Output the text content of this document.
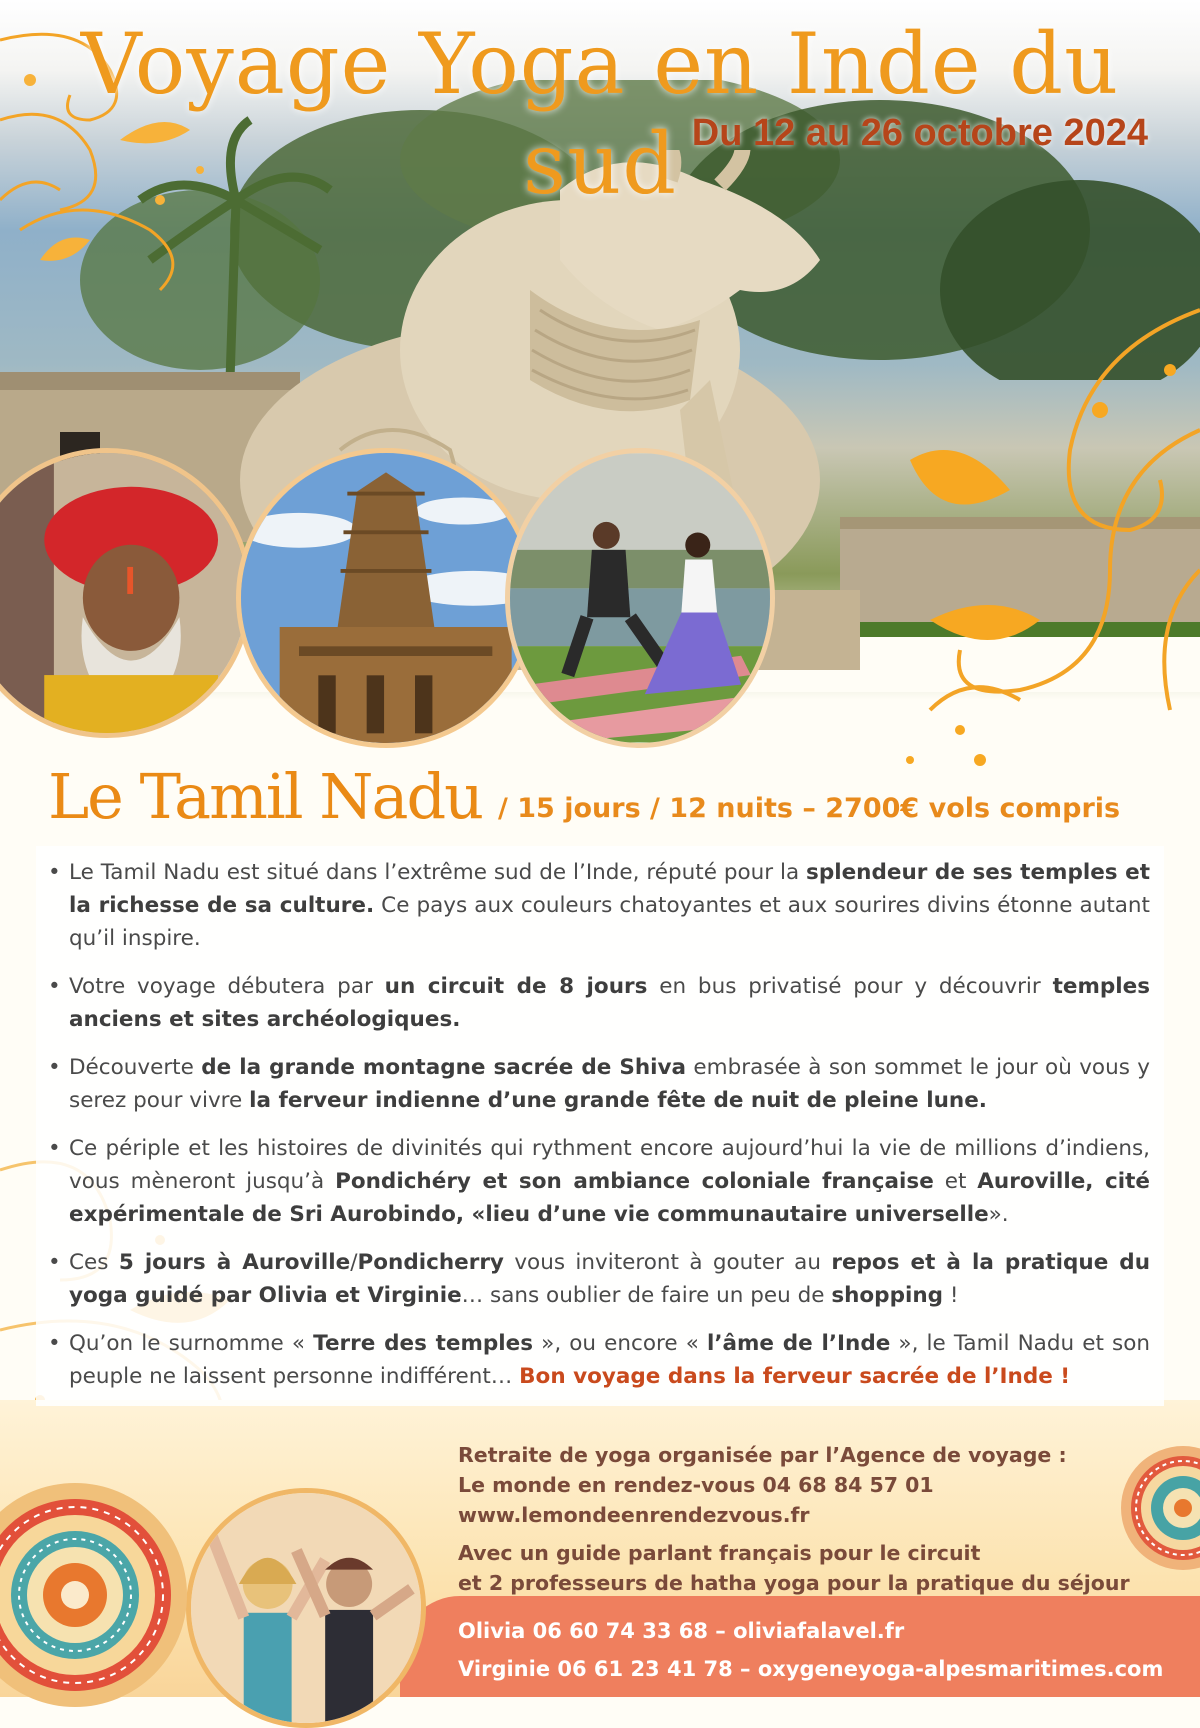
Voyage Yoga en Inde du sud Du 12 au 26 octobre 2024
Le Tamil Nadu / 15 jours / 12 nuits – 2700€ vols compris
• Le Tamil Nadu est situé dans l’extrême sud de l’Inde, réputé pour la splendeur de ses temples et la richesse de sa culture. Ce pays aux couleurs chatoyantes et aux sourires divins étonne autant qu’il inspire.
• Votre voyage débutera par un circuit de 8 jours en bus privatisé pour y découvrir temples anciens et sites archéologiques.
• Découverte de la grande montagne sacrée de Shiva embrasée à son sommet le jour où vous y serez pour vivre la ferveur indienne d’une grande fête de nuit de pleine lune.
• Ce périple et les histoires de divinités qui rythment encore aujourd’hui la vie de millions d’indiens, vous mèneront jusqu’à Pondichéry et son ambiance coloniale française et Auroville, cité expérimentale de Sri Aurobindo, «lieu d’une vie communautaire universelle».
• Ces 5 jours à Auroville/Pondicherry vous inviteront à gouter au repos et à la pratique du yoga guidé par Olivia et Virginie… sans oublier de faire un peu de shopping !
• Qu’on le surnomme « Terre des temples », ou encore « l’âme de l’Inde », le Tamil Nadu et son peuple ne laissent personne indifférent… Bon voyage dans la ferveur sacrée de l’Inde !

Retraite de yoga organisée par l’Agence de voyage :

Le monde en rendez-vous 04 68 84 57 01

www.lemondeenrendezvous.fr

Avec un guide parlant français pour le circuit

et 2 professeurs de hatha yoga pour la pratique du séjour

Olivia 06 60 74 33 68 – oliviafalavel.fr

Virginie 06 61 23 41 78 – oxygeneyoga-alpesmaritimes.com
